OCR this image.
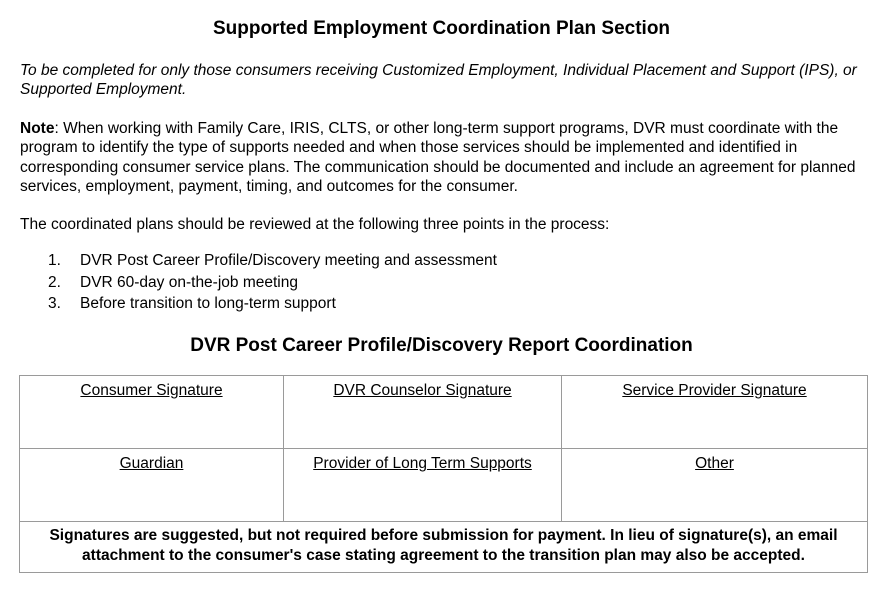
Supported Employment Coordination Plan Section

To be completed for only those consumers receiving Customized Employment, Individual Placement and Support (IPS), or Supported Employment.

Note: When working with Family Care, IRIS, CLTS, or other long-term support programs, DVR must coordinate with the program to identify the type of supports needed and when those services should be implemented and identified in corresponding consumer service plans. The communication should be documented and include an agreement for planned services, employment, payment, timing, and outcomes for the consumer.

The coordinated plans should be reviewed at the following three points in the process:

1.	DVR Post Career Profile/Discovery meeting and assessment
2.	DVR 60-day on-the-job meeting
3.	Before transition to long-term support
DVR Post Career Profile/Discovery Report Coordination
Consumer Signature	DVR Counselor Signature	Service Provider Signature
Guardian	Provider of Long Term Supports	Other
Signatures are suggested, but not required before submission for payment. In lieu of signature(s), an email attachment to the consumer's case stating agreement to the transition plan may also be accepted.		
